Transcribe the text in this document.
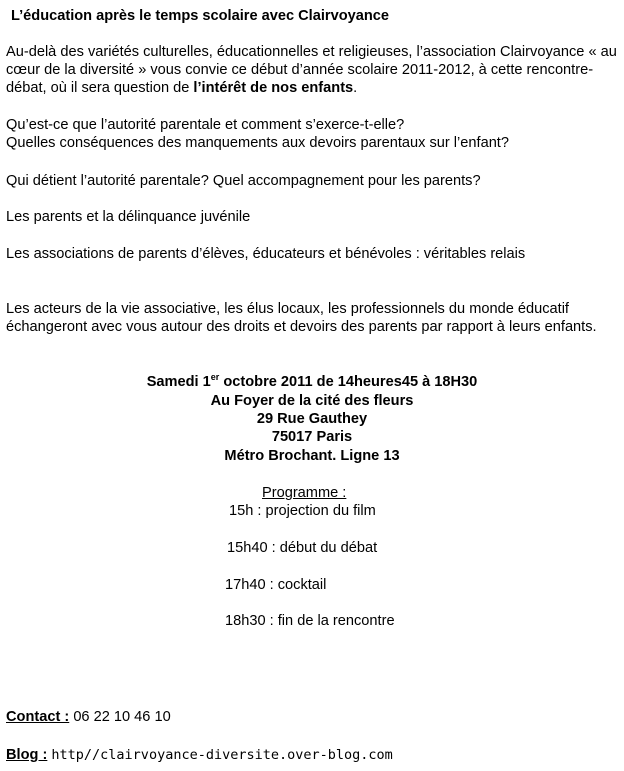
L’éducation après le temps scolaire avec Clairvoyance
Au-delà des variétés culturelles, éducationnelles et religieuses, l’association Clairvoyance « au cœur de la diversité » vous convie ce début d’année scolaire 2011-2012, à cette rencontre-débat, où il sera question de l’intérêt de nos enfants.
Qu’est-ce que l’autorité parentale et comment s’exerce-t-elle?
Quelles conséquences des manquements aux devoirs parentaux sur l’enfant?
Qui détient l’autorité parentale? Quel accompagnement pour les parents?
Les parents et la délinquance juvénile
Les associations de parents d’élèves, éducateurs et bénévoles : véritables relais
Les acteurs de la vie associative, les élus locaux, les professionnels du monde éducatif échangeront avec vous autour des droits et devoirs des parents par rapport à leurs enfants.
Samedi 1er octobre 2011 de 14heures45 à 18H30
Au Foyer de la cité des fleurs
29 Rue Gauthey
75017 Paris
Métro Brochant. Ligne 13
Programme :
15h : projection du film
15h40 : début du débat
17h40 : cocktail
18h30 : fin de la rencontre
Contact : 06 22 10 46 10
Blog : http//clairvoyance-diversite.over-blog.com
